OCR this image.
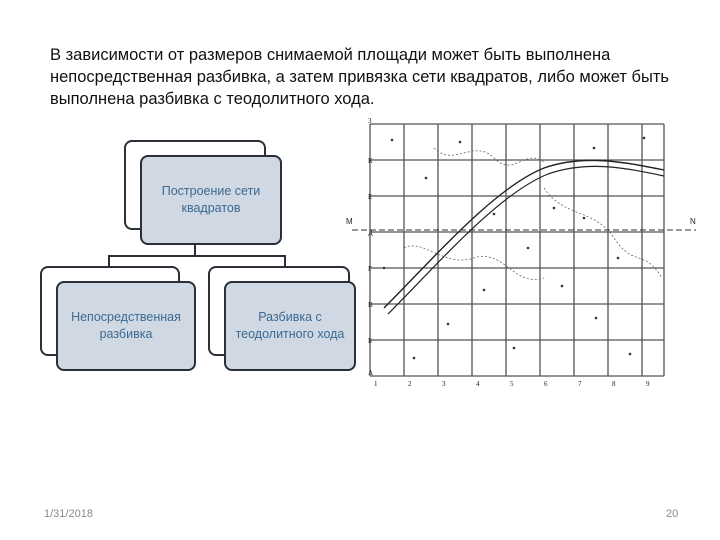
В зависимости от размеров снимаемой площади может быть выполнена непосредственная разбивка, а затем привязка сети квадратов, либо может быть выполнена разбивка с теодолитного хода.
Построение сети квадратов
Непосредственная разбивка
Разбивка с теодолитного хода
М	N
3
К
Е
Д
Г
В
Б
А
1	2	3	4	5	6	7	8	9
1/31/2018	20
